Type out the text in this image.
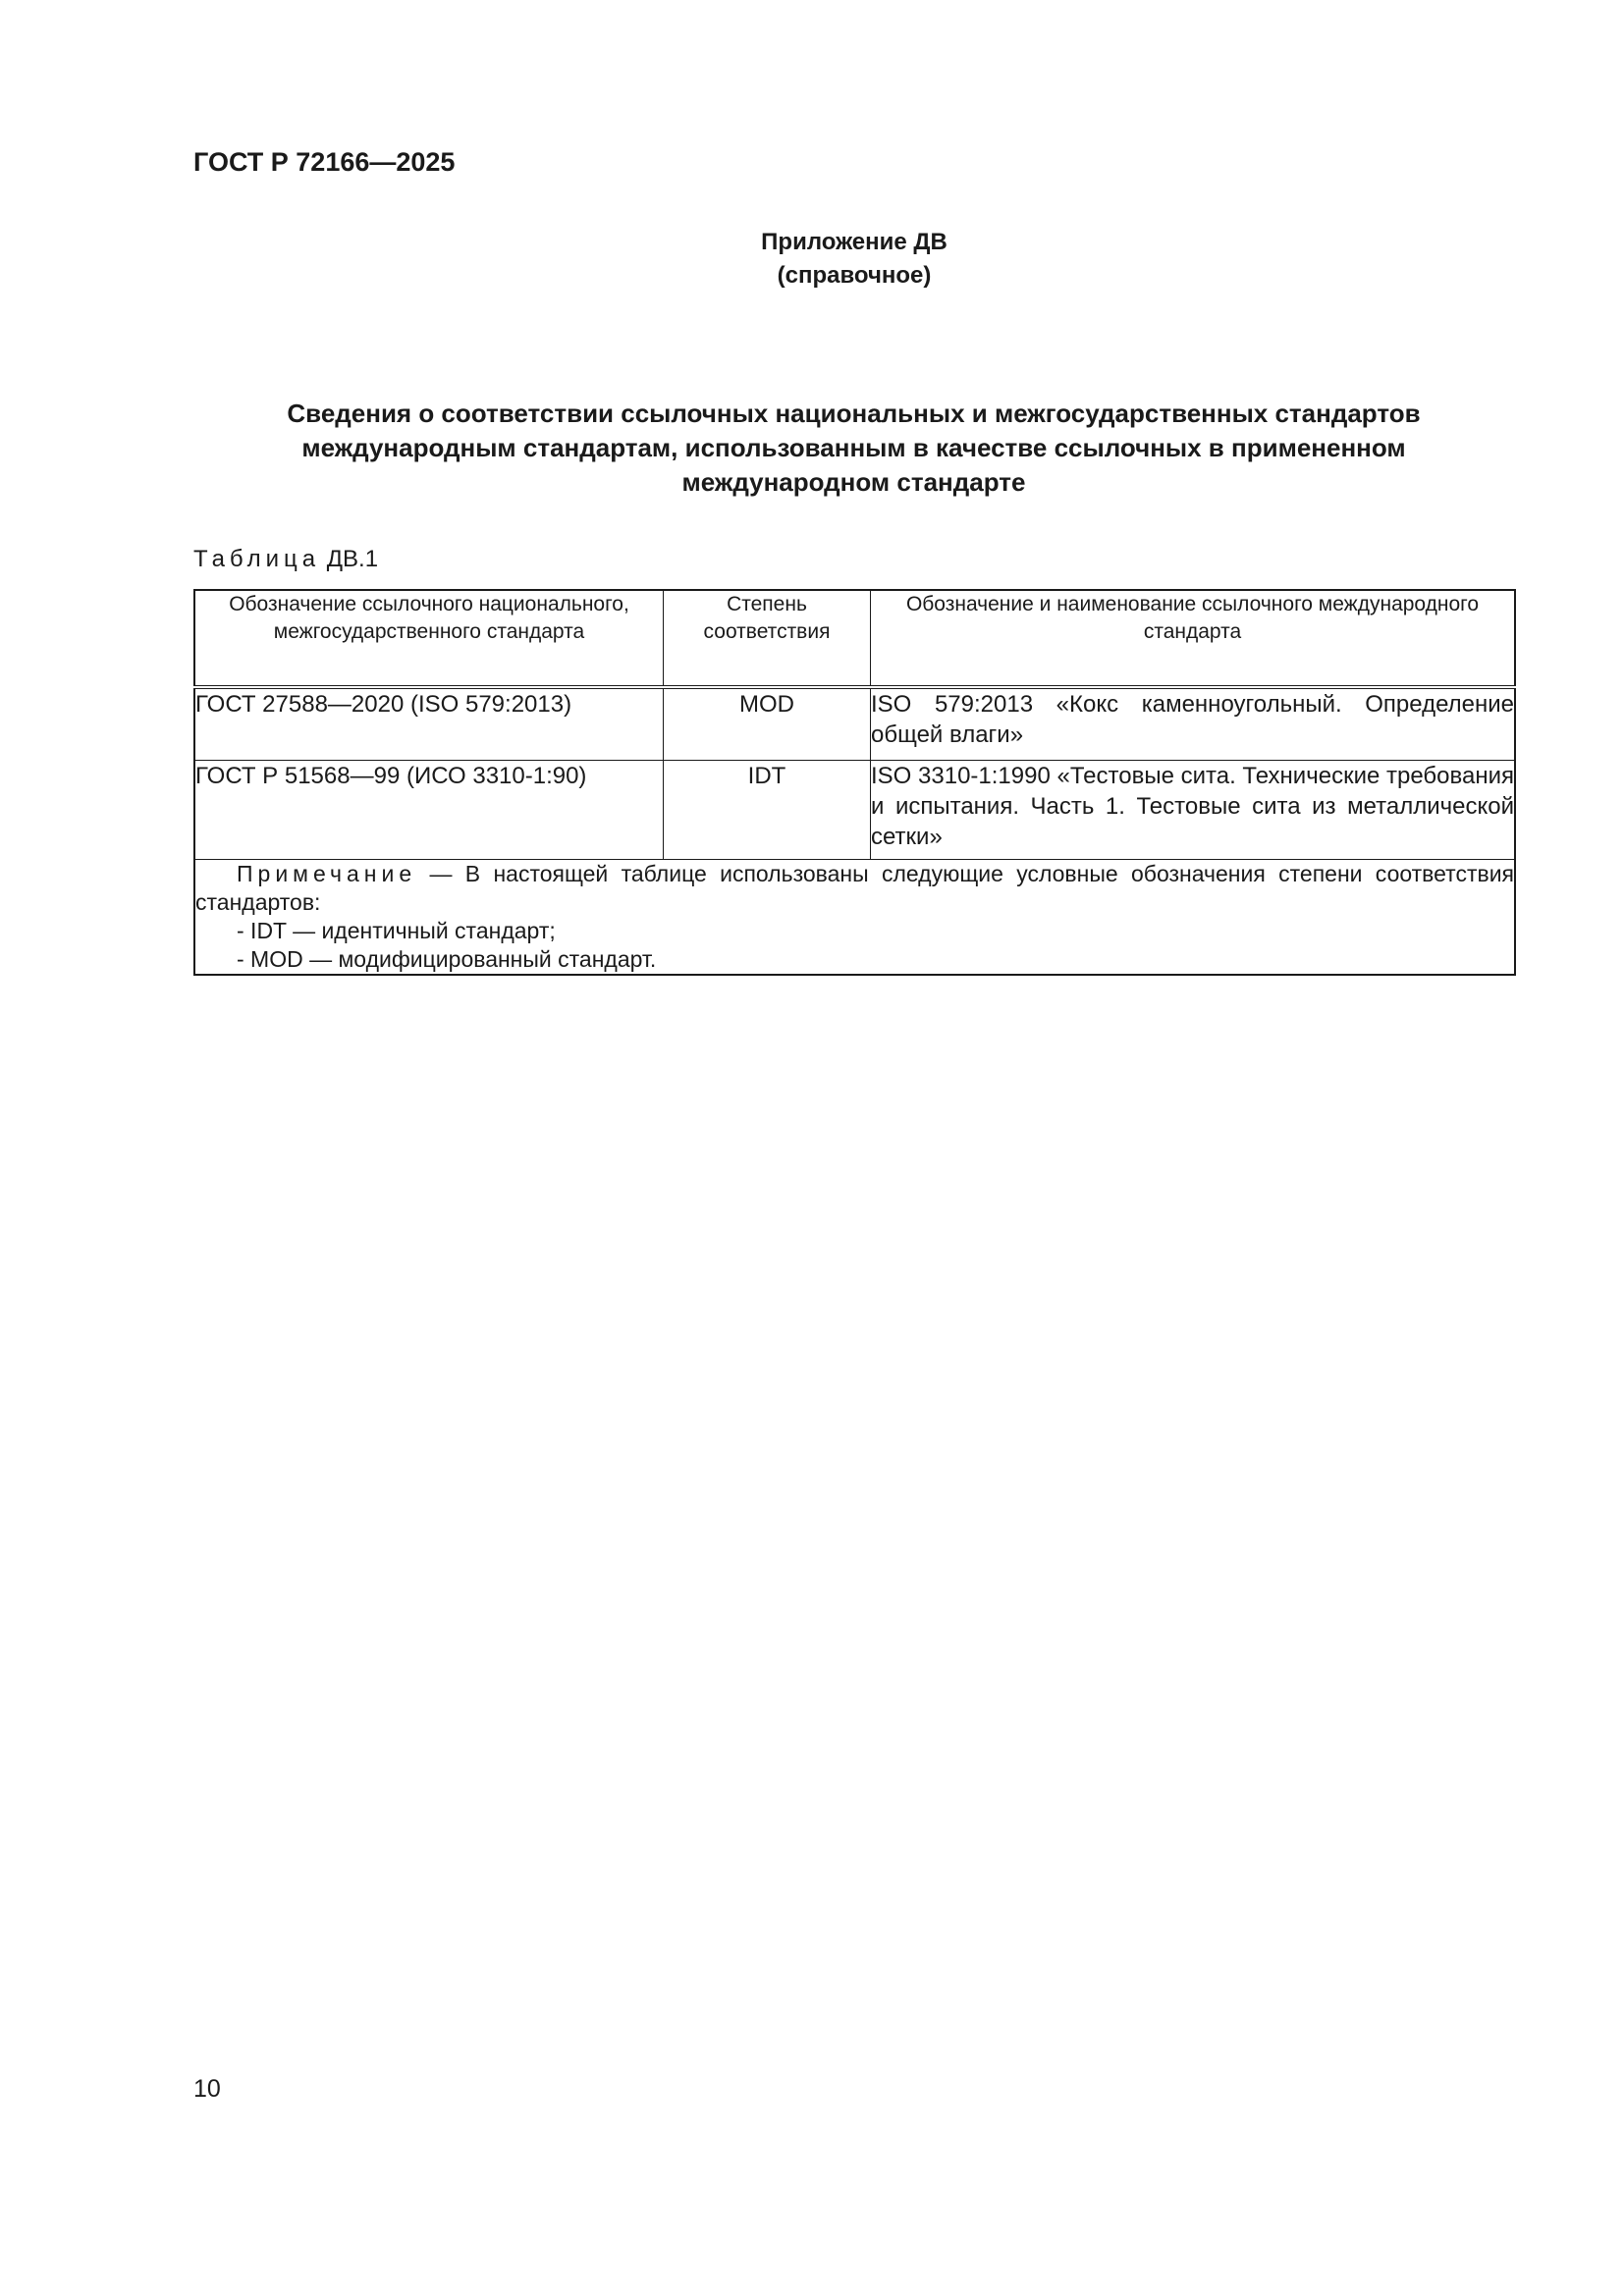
ГОСТ Р 72166—2025
Приложение ДВ
(справочное)
Сведения о соответствии ссылочных национальных и межгосударственных стандартов
международным стандартам, использованным в качестве ссылочных в примененном
международном стандарте
Таблица ДВ.1
Обозначение ссылочного национального, межгосударственного стандарта	Степень соответствия	Обозначение и наименование ссылочного международного стандарта
ГОСТ 27588—2020 (ISO 579:2013)	MOD	ISO 579:2013 «Кокс каменноугольный. Определение общей влаги»
ГОСТ Р 51568—99 (ИСО 3310-1:90)	IDT	ISO 3310-1:1990 «Тестовые сита. Технические требования и испытания. Часть 1. Тестовые сита из металлической сетки»

Примечание — В настоящей таблице использованы следующие условные обозначения степени соответствия стандартов:
- IDT — идентичный стандарт;
- MOD — модифицированный стандарт.		
10
